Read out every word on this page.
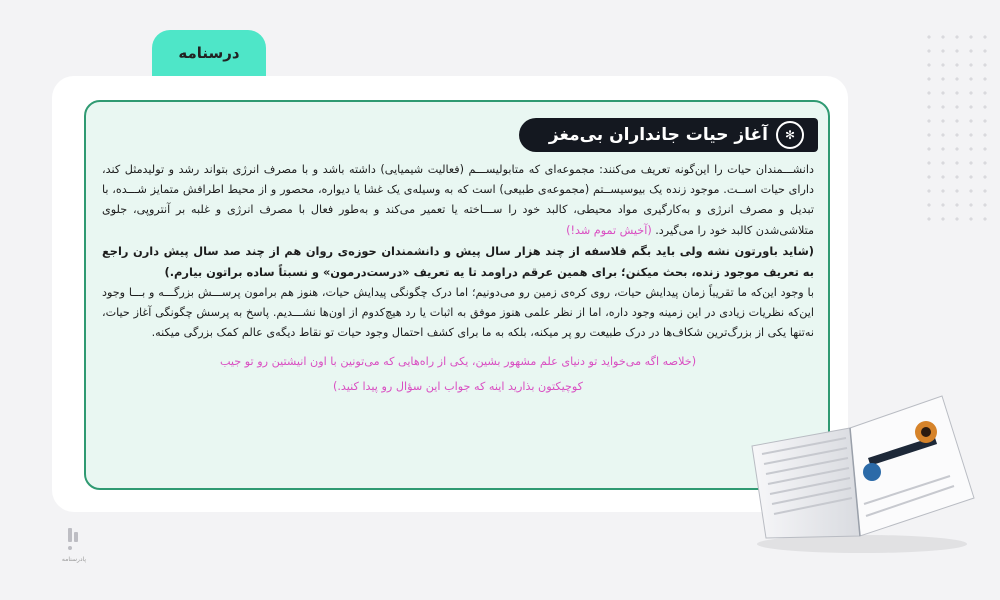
درسنامه
✻
آغاز حیات جانداران بی‌مغز

دانشـــمندان حیات را این‌گونه تعریف می‌کنند: مجموعه‌ای که متابولیســـم (فعالیت شیمیایی) داشته باشد و با مصرف انرژی بتواند رشد و تولیدمثل کند، دارای حیات اســت. موجود زنده یک بیوسیســتم (مجموعه‌ی طبیعی) است که به وسیله‌ی یک غشا یا دیواره، محصور و از محیط اطرافش متمایز شـــده، با تبدیل و مصرف انرژی و به‌کارگیری مواد محیطی، کالبد خود را ســـاخته یا تعمیر می‌کند و به‌طور فعال با مصرف انرژی و غلبه بر آنتروپی، جلوی متلاشی‌شدن کالبد خود را می‌گیرد. (آخیش تموم شد!)

(شاید باورتون نشه ولی باید بگم فلاسفه از چند هزار سال پیش و دانشمندان حوزه‌ی روان هم از چند صد سال پیش دارن راجع به تعریف موجود زنده، بحث میکنن؛ برای همین عرقم دراومد تا یه تعریف «درست‌درمون» و نسبتاً ساده براتون بیارم.)

با وجود این‌که ما تقریباً زمان پیدایش حیات، روی کره‌ی زمین رو می‌دونیم؛ اما درک چگونگی پیدایش حیات، هنوز هم برامون پرســـش بزرگـــه و بـــا وجود این‌که نظریات زیادی در این زمینه وجود داره، اما از نظر علمی هنوز موفق به اثبات یا رد هیچ‌کدوم از اون‌ها نشـــدیم. پاسخ به پرسش چگونگی آغاز حیات، نه‌تنها یکی از بزرگ‌ترین شکاف‌ها در درک طبیعت رو پر میکنه، بلکه به ما برای کشف احتمال وجود حیات تو نقاط دیگه‌ی عالم کمک بزرگی میکنه.

(خلاصه اگه می‌خواید تو دنیای علم مشهور بشین، یکی از راه‌هایی که می‌تونین با اون انیشتین رو تو جیب
کوچیکتون بذارید اینه که جواب این سؤال رو پیدا کنید.)
پادرسنامه
